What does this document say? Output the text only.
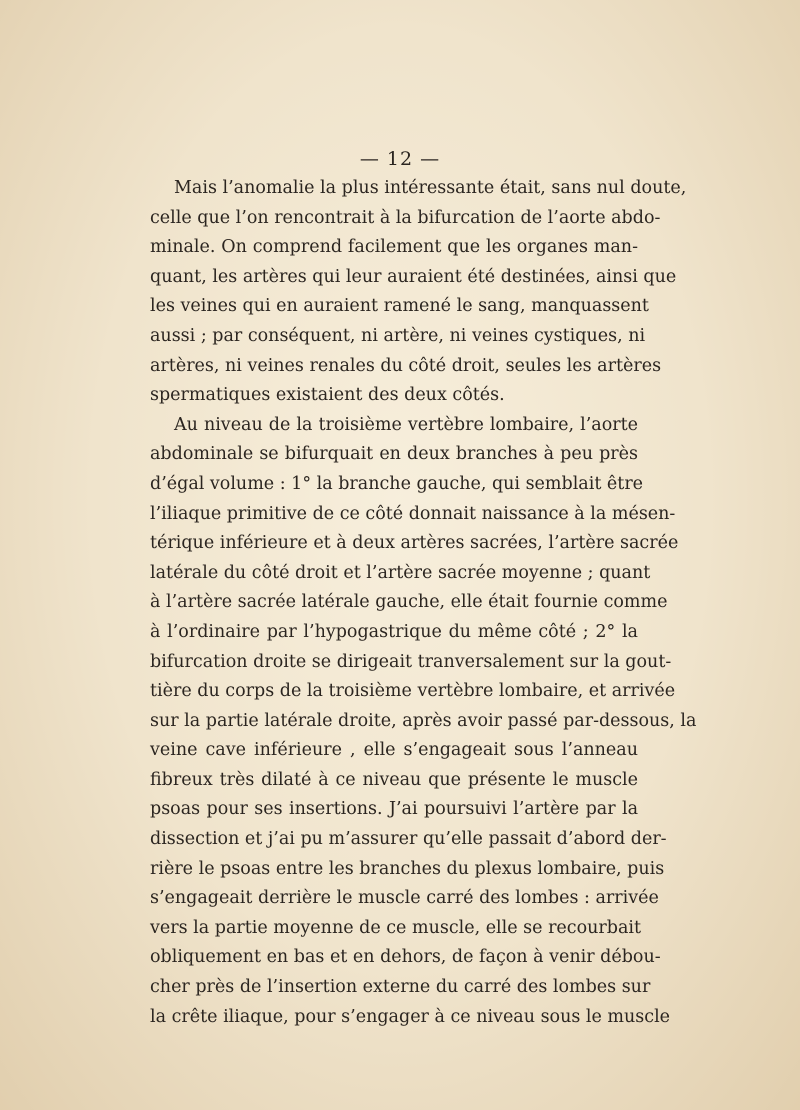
— 12 —
Mais l’anomalie la plus intéressante était, sans nul doute,
celle que l’on rencontrait à la bifurcation de l’aorte abdo-
minale. On comprend facilement que les organes man-
quant, les artères qui leur auraient été destinées, ainsi que
les veines qui en auraient ramené le sang, manquassent
aussi ; par conséquent, ni artère, ni veines cystiques, ni
artères, ni veines renales du côté droit, seules les artères
spermatiques existaient des deux côtés.
Au niveau de la troisième vertèbre lombaire, l’aorte
abdominale se bifurquait en deux branches à peu près
d’égal volume : 1° la branche gauche, qui semblait être
l’iliaque primitive de ce côté donnait naissance à la mésen-
térique inférieure et à deux artères sacrées, l’artère sacrée
latérale du côté droit et l’artère sacrée moyenne ; quant
à l’artère sacrée latérale gauche, elle était fournie comme
à l’ordinaire par l’hypogastrique du même côté ; 2° la
bifurcation droite se dirigeait tranversalement sur la gout-
tière du corps de la troisième vertèbre lombaire, et arrivée
sur la partie latérale droite, après avoir passé par-dessous, la
veine cave inférieure , elle s’engageait sous l’anneau
fibreux très dilaté à ce niveau que présente le muscle
psoas pour ses insertions. J’ai poursuivi l’artère par la
dissection et j’ai pu m’assurer qu’elle passait d’abord der-
rière le psoas entre les branches du plexus lombaire, puis
s’engageait derrière le muscle carré des lombes : arrivée
vers la partie moyenne de ce muscle, elle se recourbait
obliquement en bas et en dehors, de façon à venir débou-
cher près de l’insertion externe du carré des lombes sur
la crête iliaque, pour s’engager à ce niveau sous le muscle
